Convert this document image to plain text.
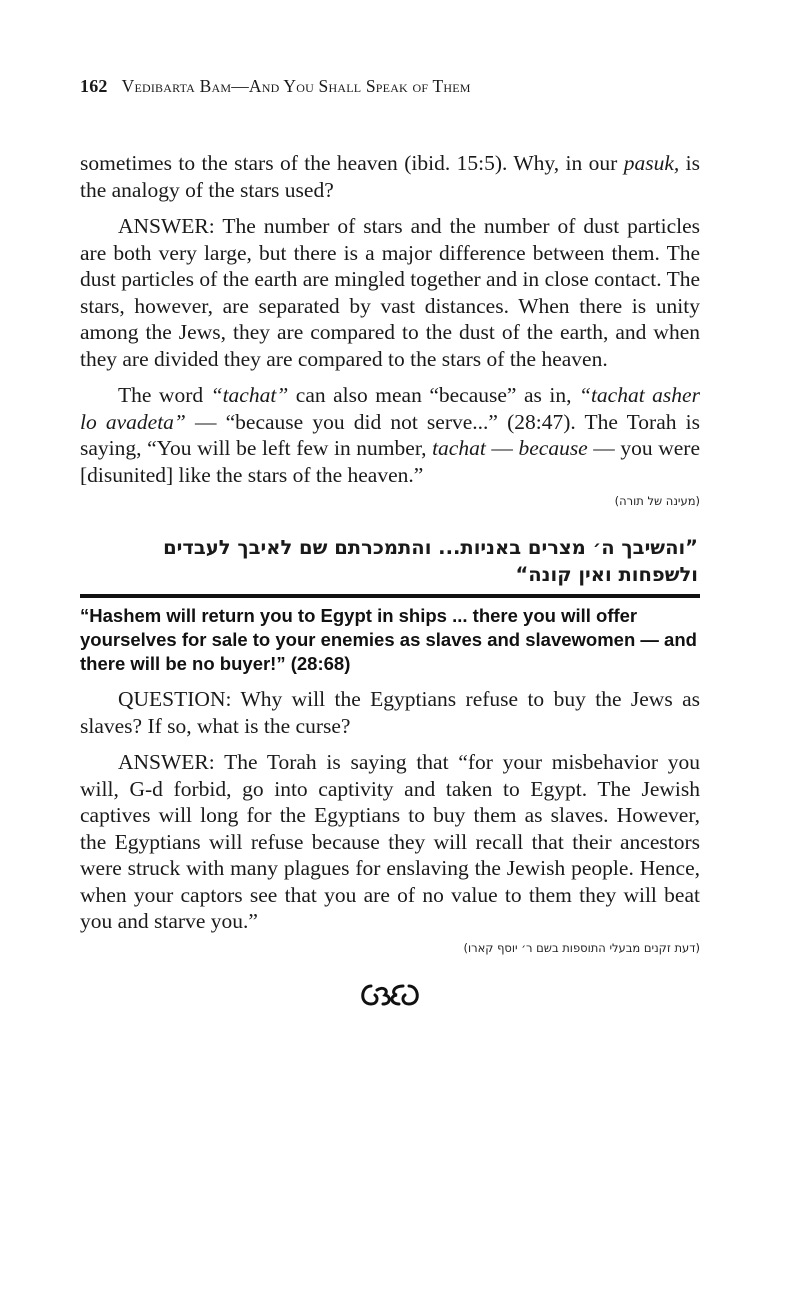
162 Vedibarta Bam—And You Shall Speak of Them

sometimes to the stars of the heaven (ibid. 15:5). Why, in our pasuk, is the analogy of the stars used?

ANSWER: The number of stars and the number of dust particles are both very large, but there is a major difference between them. The dust particles of the earth are mingled together and in close contact. The stars, however, are separated by vast distances. When there is unity among the Jews, they are compared to the dust of the earth, and when they are divided they are compared to the stars of the heaven.

The word “tachat” can also mean “because” as in, “tachat asher lo avadeta” — “because you did not serve...” (28:47). The Torah is saying, “You will be left few in number, tachat — because — you were [disunited] like the stars of the heaven.”

(מעינה של תורה)
”והשיבך ה׳ מצרים באניות... והתמכרתם שם לאיבך לעבדים ולשפחות ואין קונה“
“Hashem will return you to Egypt in ships ... there you will offer yourselves for sale to your enemies as slaves and slavewomen — and there will be no buyer!” (28:68)

QUESTION: Why will the Egyptians refuse to buy the Jews as slaves? If so, what is the curse?

ANSWER: The Torah is saying that “for your misbehavior you will, G-d forbid, go into captivity and taken to Egypt. The Jewish captives will long for the Egyptians to buy them as slaves. However, the Egyptians will refuse because they will recall that their ancestors were struck with many plagues for enslaving the Jewish people. Hence, when your captors see that you are of no value to them they will beat you and starve you.”

(דעת זקנים מבעלי התוספות בשם ר׳ יוסף קארו)
